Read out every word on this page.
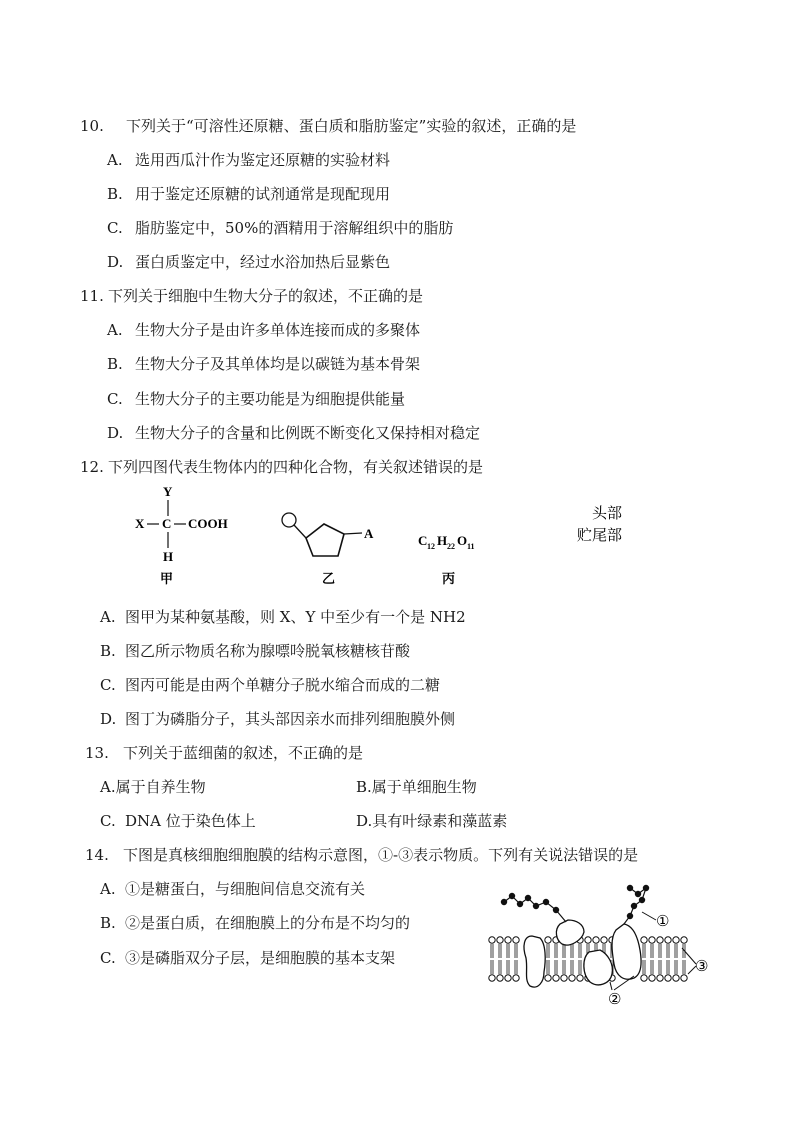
10. 下列关于“可溶性还原糖、蛋白质和脂肪鉴定”实验的叙述，正确的是
A. 选用西瓜汁作为鉴定还原糖的实验材料
B. 用于鉴定还原糖的试剂通常是现配现用
C. 脂肪鉴定中，50%的酒精用于溶解组织中的脂肪
D. 蛋白质鉴定中，经过水浴加热后显紫色
11. 下列关于细胞中生物大分子的叙述，不正确的是
A. 生物大分子是由许多单体连接而成的多聚体
B. 生物大分子及其单体均是以碳链为基本骨架
C. 生物大分子的主要功能是为细胞提供能量
D. 生物大分子的含量和比例既不断变化又保持相对稳定
12. 下列四图代表生物体内的四种化合物，有关叙述错误的是
Y
X C COOH
H
甲
A
乙
C 12 H 22 O 11
丙
头部
贮尾部
A. 图甲为某种氨基酸，则 X、Y 中至少有一个是 NH2
B. 图乙所示物质名称为腺嘌呤脱氧核糖核苷酸
C. 图丙可能是由两个单糖分子脱水缩合而成的二糖
D. 图丁为磷脂分子，其头部因亲水而排列细胞膜外侧
13. 下列关于蓝细菌的叙述，不正确的是
A.属于自养生物	B.属于单细胞生物
C. DNA 位于染色体上	D.具有叶绿素和藻蓝素
14. 下图是真核细胞细胞膜的结构示意图，①-③表示物质。下列有关说法错误的是
A. ①是糖蛋白，与细胞间信息交流有关
B. ②是蛋白质，在细胞膜上的分布是不均匀的
C. ③是磷脂双分子层，是细胞膜的基本支架
①
②
③
